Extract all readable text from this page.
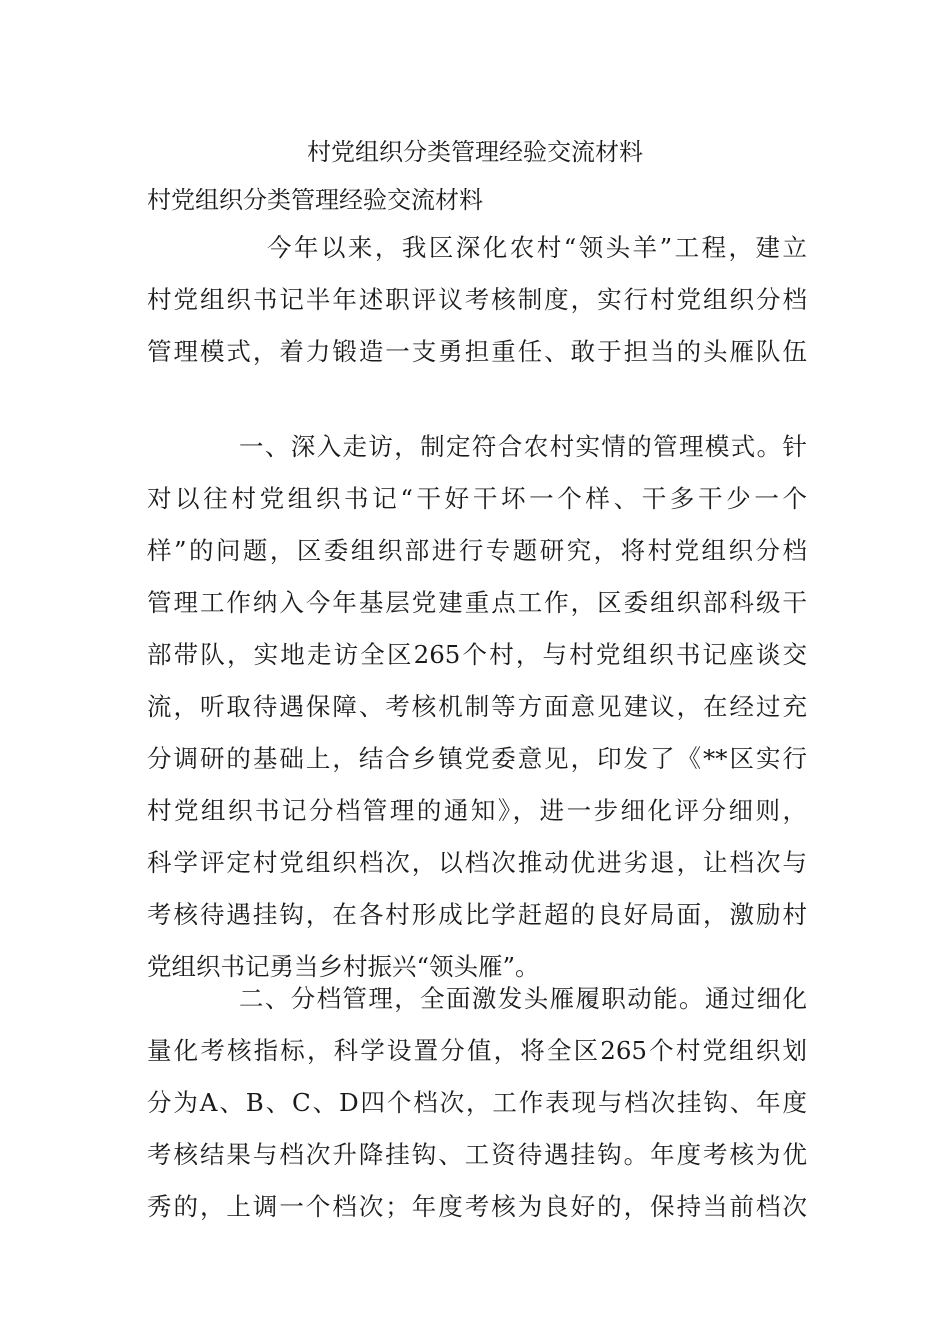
村党组织分类管理经验交流材料

村党组织分类管理经验交流材料

今年以来，我区深化农村“领头羊”工程，建立
村党组织书记半年述职评议考核制度，实行村党组织分档
管理模式，着力锻造一支勇担重任、敢于担当的头雁队伍
一、深入走访，制定符合农村实情的管理模式。针
对以往村党组织书记“干好干坏一个样、干多干少一个
样”的问题，区委组织部进行专题研究，将村党组织分档
管理工作纳入今年基层党建重点工作，区委组织部科级干
部带队，实地走访全区265个村，与村党组织书记座谈交
流，听取待遇保障、考核机制等方面意见建议，在经过充
分调研的基础上，结合乡镇党委意见，印发了《**区实行
村党组织书记分档管理的通知》，进一步细化评分细则，
科学评定村党组织档次，以档次推动优进劣退，让档次与
考核待遇挂钩，在各村形成比学赶超的良好局面，激励村
党组织书记勇当乡村振兴“领头雁”。
二、分档管理，全面激发头雁履职动能。通过细化
量化考核指标，科学设置分值，将全区265个村党组织划
分为A、B、C、D四个档次，工作表现与档次挂钩、年度
考核结果与档次升降挂钩、工资待遇挂钩。年度考核为优
秀的，上调一个档次；年度考核为良好的，保持当前档次
